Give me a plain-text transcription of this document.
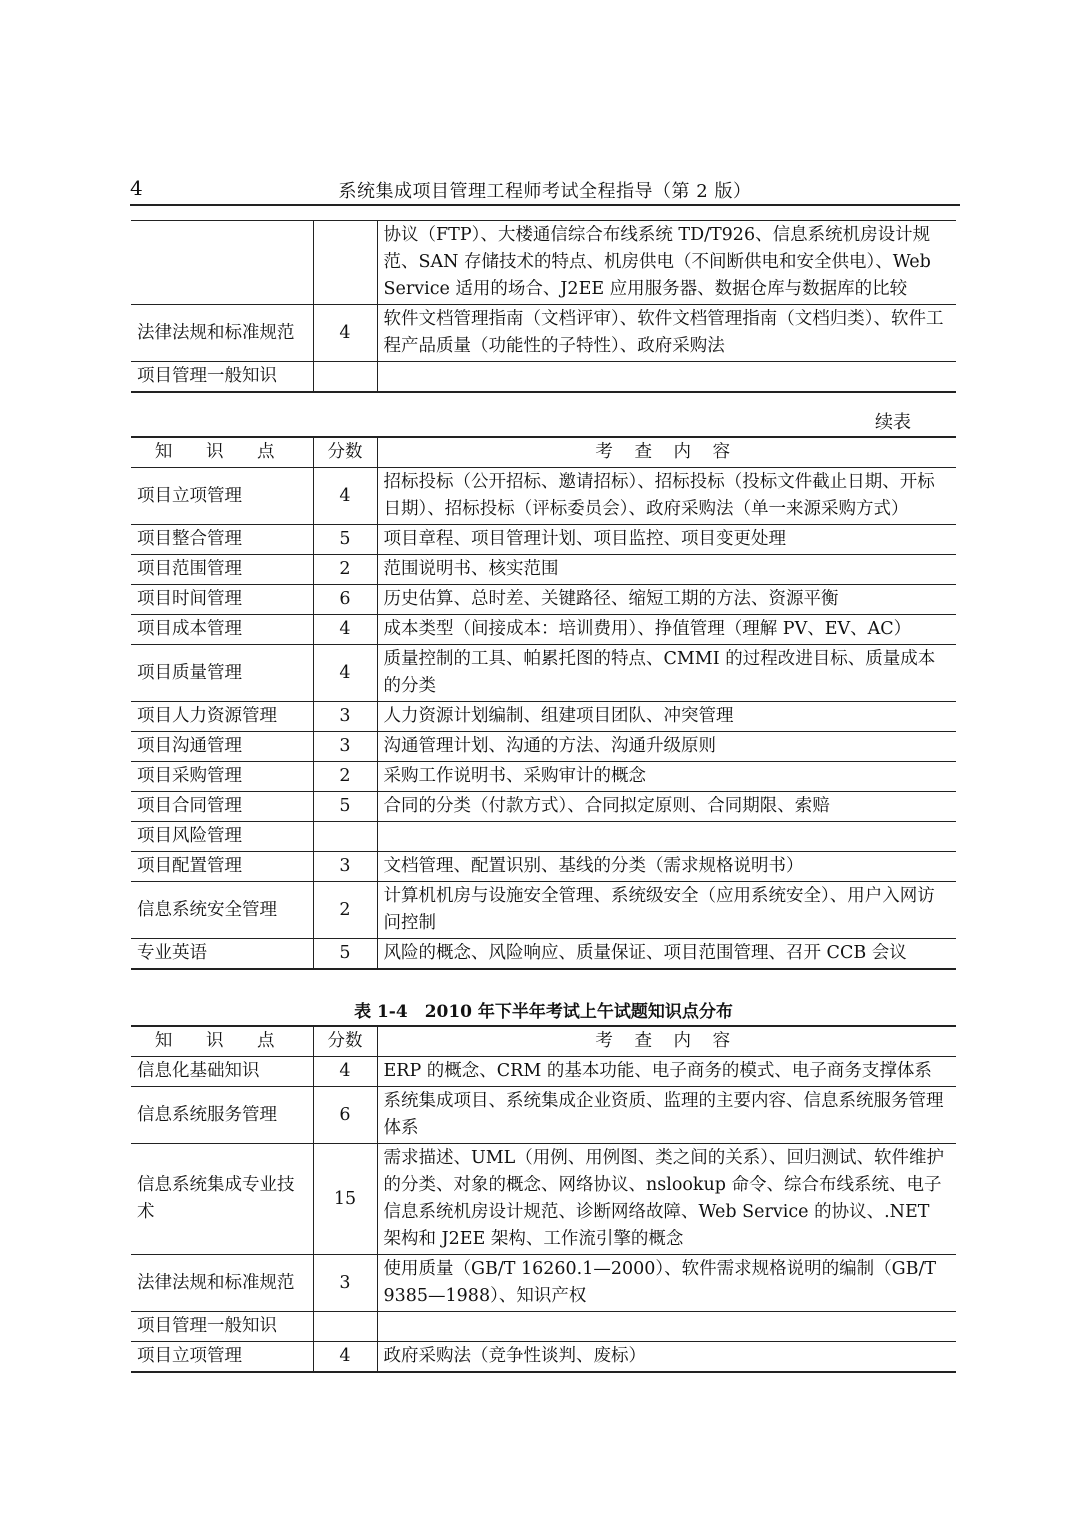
4	系统集成项目管理工程师考试全程指导（第 2 版）
		协议（FTP）、大楼通信综合布线系统 TD/T926、信息系统机房设计规范、SAN 存储技术的特点、机房供电（不间断供电和安全供电）、Web Service 适用的场合、J2EE 应用服务器、数据仓库与数据库的比较
法律法规和标准规范	4	软件文档管理指南（文档评审）、软件文档管理指南（文档归类）、软件工程产品质量（功能性的子特性）、政府采购法
项目管理一般知识		
续表
知 识 点	分数	考 查 内 容
项目立项管理	4	招标投标（公开招标、邀请招标）、招标投标（投标文件截止日期、开标日期）、招标投标（评标委员会）、政府采购法（单一来源采购方式）
项目整合管理	5	项目章程、项目管理计划、项目监控、项目变更处理
项目范围管理	2	范围说明书、核实范围
项目时间管理	6	历史估算、总时差、关键路径、缩短工期的方法、资源平衡
项目成本管理	4	成本类型（间接成本：培训费用）、挣值管理（理解 PV、EV、AC）
项目质量管理	4	质量控制的工具、帕累托图的特点、CMMI 的过程改进目标、质量成本的分类
项目人力资源管理	3	人力资源计划编制、组建项目团队、冲突管理
项目沟通管理	3	沟通管理计划、沟通的方法、沟通升级原则
项目采购管理	2	采购工作说明书、采购审计的概念
项目合同管理	5	合同的分类（付款方式）、合同拟定原则、合同期限、索赔
项目风险管理		
项目配置管理	3	文档管理、配置识别、基线的分类（需求规格说明书）
信息系统安全管理	2	计算机机房与设施安全管理、系统级安全（应用系统安全）、用户入网访问控制
专业英语	5	风险的概念、风险响应、质量保证、项目范围管理、召开 CCB 会议
表 1-4　2010 年下半年考试上午试题知识点分布
知 识 点	分数	考 查 内 容
信息化基础知识	4	ERP 的概念、CRM 的基本功能、电子商务的模式、电子商务支撑体系
信息系统服务管理	6	系统集成项目、系统集成企业资质、监理的主要内容、信息系统服务管理体系
信息系统集成专业技术	15	需求描述、UML（用例、用例图、类之间的关系）、回归测试、软件维护的分类、对象的概念、网络协议、nslookup 命令、综合布线系统、电子信息系统机房设计规范、诊断网络故障、Web Service 的协议、.NET 架构和 J2EE 架构、工作流引擎的概念
法律法规和标准规范	3	使用质量（GB/T 16260.1—2000）、软件需求规格说明的编制（GB/T 9385—1988）、知识产权
项目管理一般知识		
项目立项管理	4	政府采购法（竞争性谈判、废标）
